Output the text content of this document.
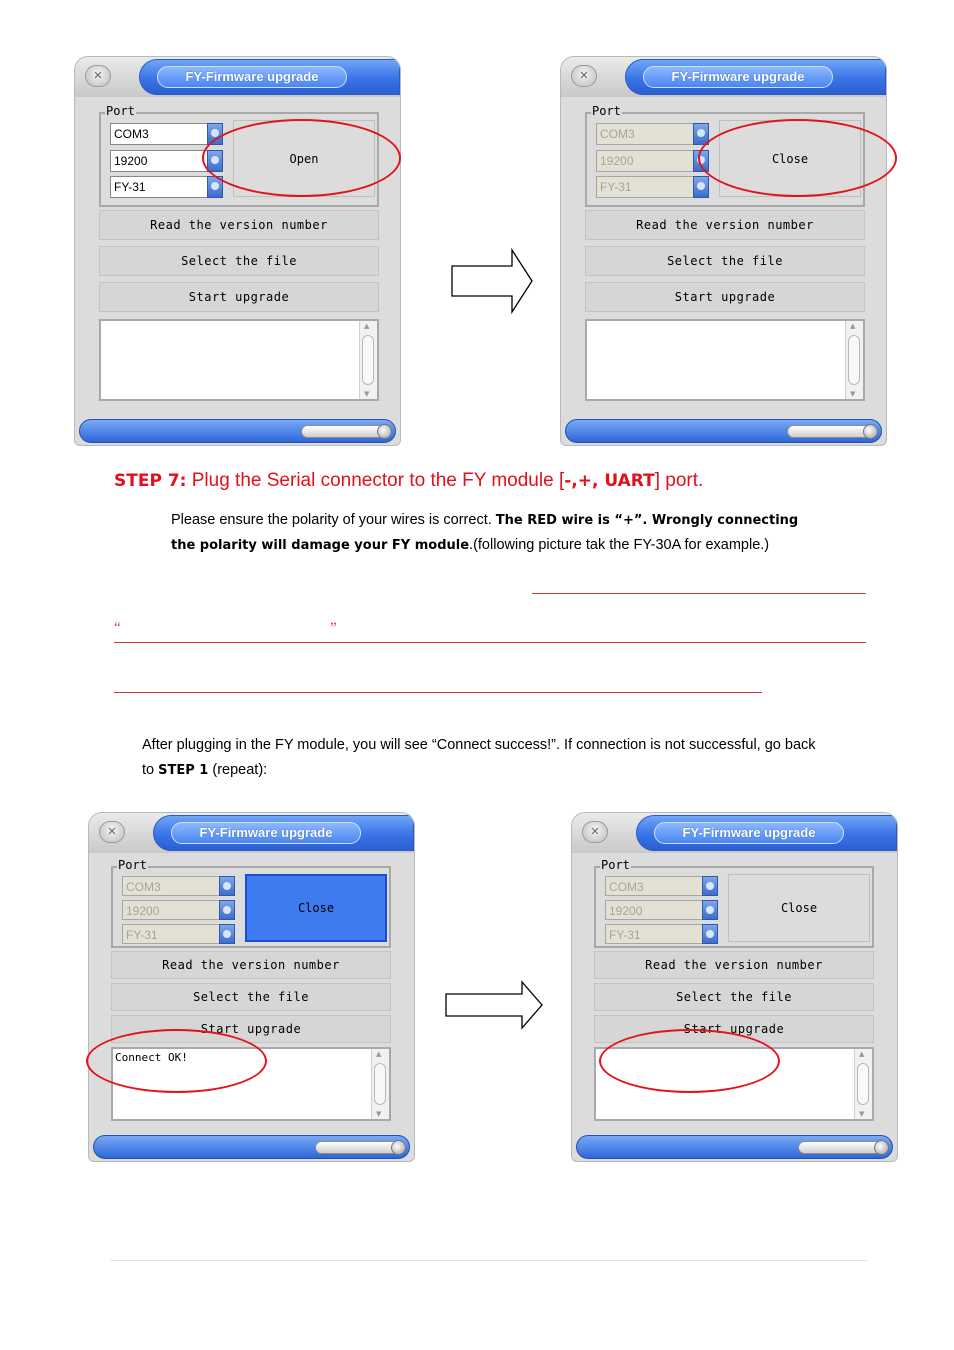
✕	FY-Firmware upgrade
Port
COM3
19200
FY-31
Open
Read the version number
Select the file
Start upgrade
▲
▼
✕	FY-Firmware upgrade
Port
COM3
19200
FY-31
Close
Read the version number
Select the file
Start upgrade
▲
▼
STEP 7: Plug the Serial connector to the FY module [-,+, UART] port.
Please ensure the polarity of your wires is correct. The RED wire is “+”. Wrongly connecting
the polarity will damage your FY module.(following picture tak the FY-30A for example.)
“	”
After plugging in the FY module, you will see “Connect success!”. If connection is not successful, go back
to STEP 1 (repeat):
✕	FY-Firmware upgrade
Port
COM3
19200
FY-31
Close
Read the version number
Select the file
Start upgrade
Connect OK!	▲
▼
✕	FY-Firmware upgrade
Port
COM3
19200
FY-31
Close
Read the version number
Select the file
Start upgrade
▲
▼
